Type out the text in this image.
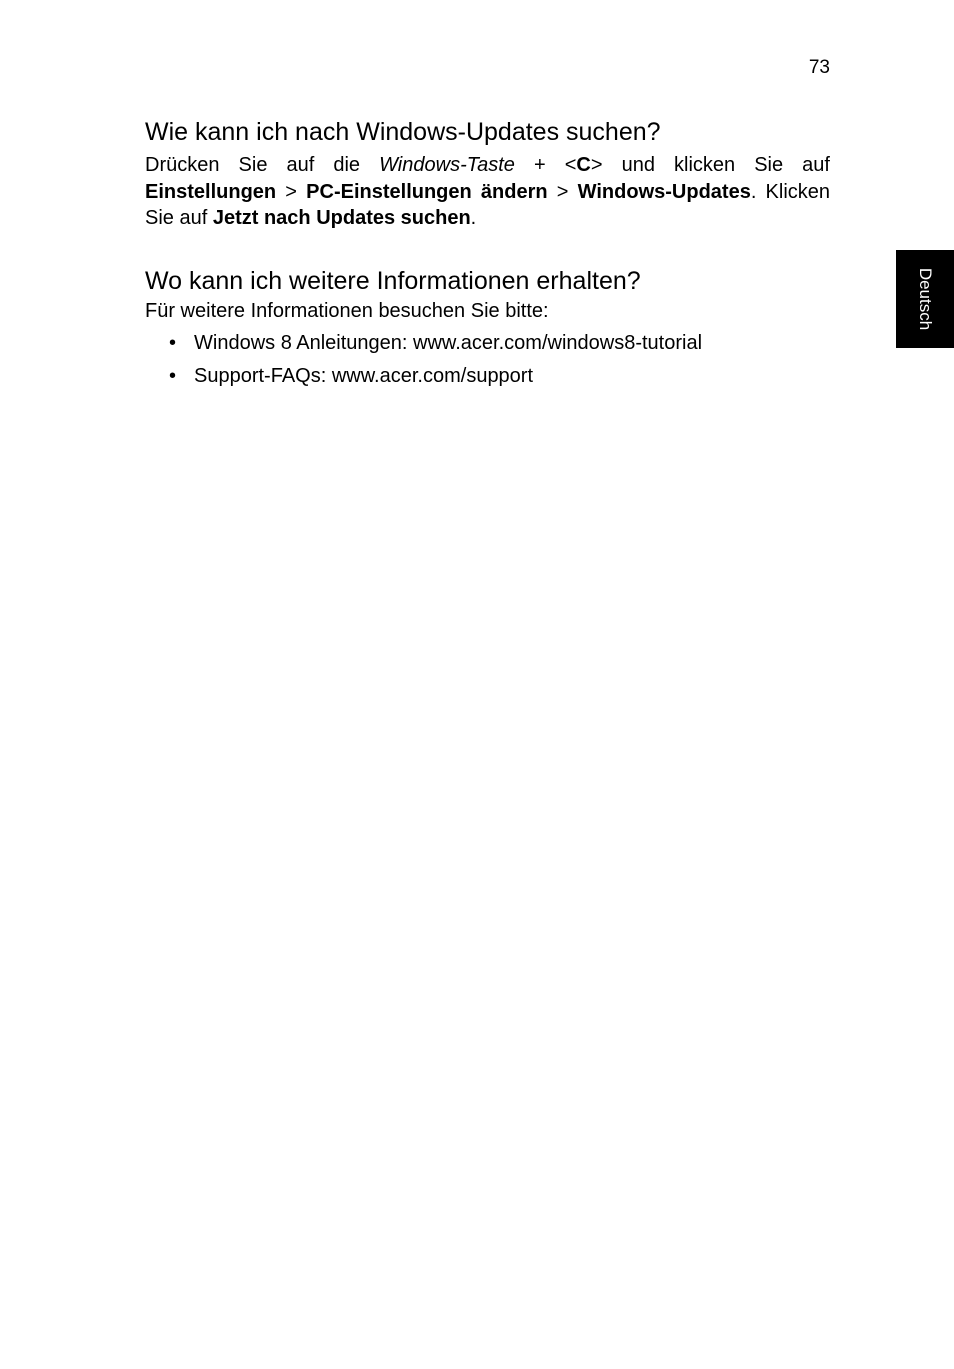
73
Deutsch
Wie kann ich nach Windows-Updates suchen?

Drücken Sie auf die Windows-Taste + <C> und klicken Sie auf Einstellungen > PC-Einstellungen ändern > Windows-Updates. Klicken Sie auf Jetzt nach Updates suchen.

Wo kann ich weitere Informationen erhalten?

Für weitere Informationen besuchen Sie bitte:

• Windows 8 Anleitungen: www.acer.com/windows8-tutorial
• Support-FAQs: www.acer.com/support
